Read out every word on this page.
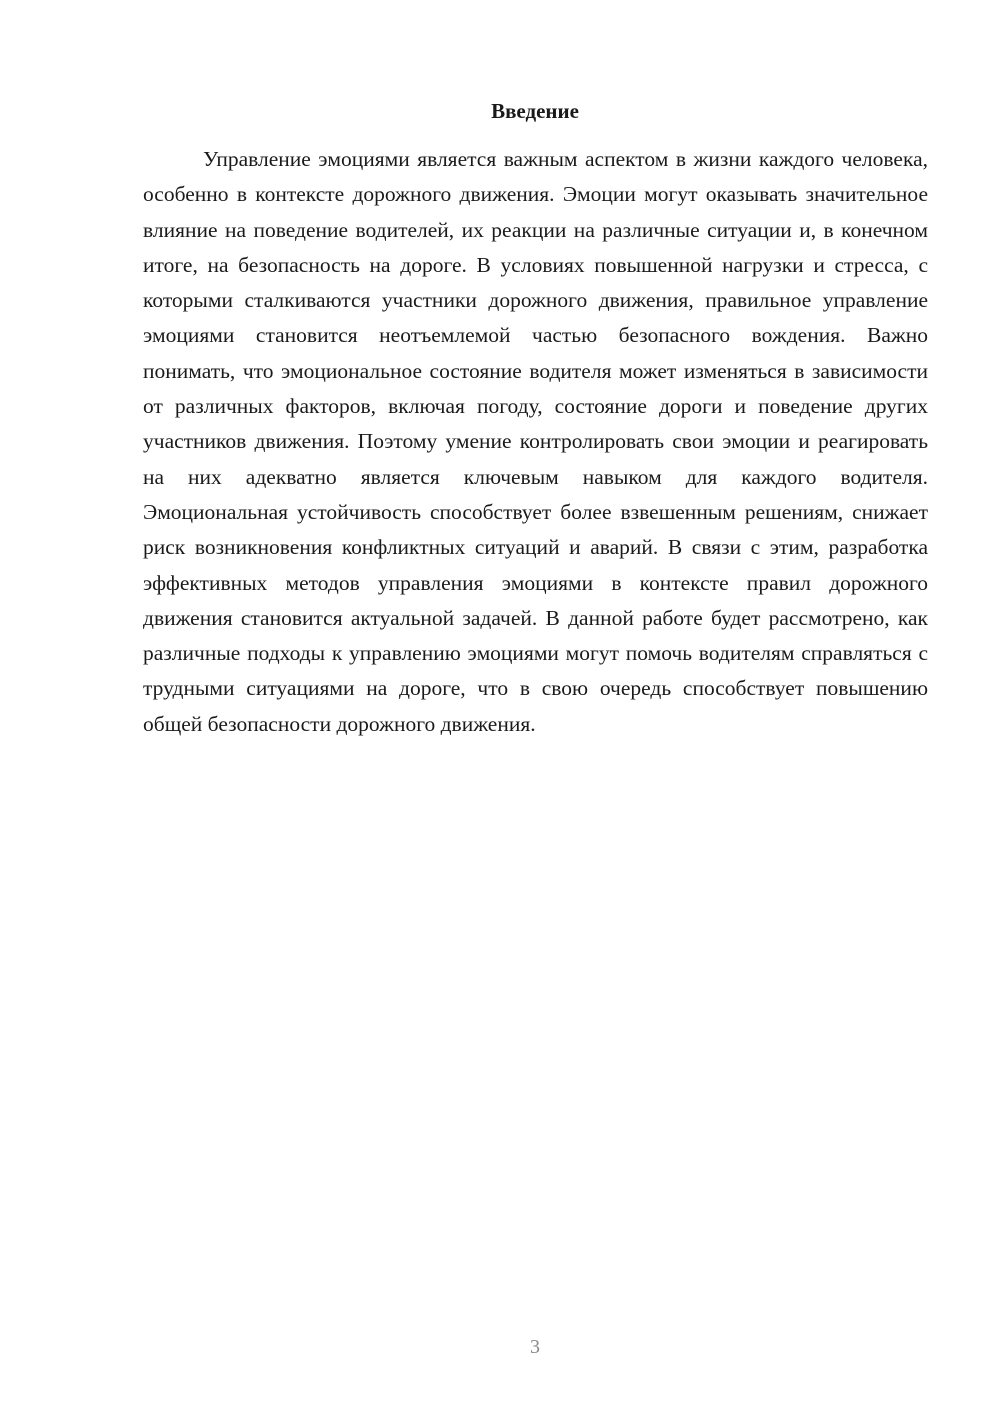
Введение

Управление эмоциями является важным аспектом в жизни каждого человека, особенно в контексте дорожного движения. Эмоции могут оказывать значительное влияние на поведение водителей, их реакции на различные ситуации и, в конечном итоге, на безопасность на дороге. В условиях повышенной нагрузки и стресса, с которыми сталкиваются участники дорожного движения, правильное управление эмоциями становится неотъемлемой частью безопасного вождения. Важно понимать, что эмоциональное состояние водителя может изменяться в зависимости от различных факторов, включая погоду, состояние дороги и поведение других участников движения. Поэтому умение контролировать свои эмоции и реагировать на них адекватно является ключевым навыком для каждого водителя. Эмоциональная устойчивость способствует более взвешенным решениям, снижает риск возникновения конфликтных ситуаций и аварий. В связи с этим, разработка эффективных методов управления эмоциями в контексте правил дорожного движения становится актуальной задачей. В данной работе будет рассмотрено, как различные подходы к управлению эмоциями могут помочь водителям справляться с трудными ситуациями на дороге, что в свою очередь способствует повышению общей безопасности дорожного движения.

3
